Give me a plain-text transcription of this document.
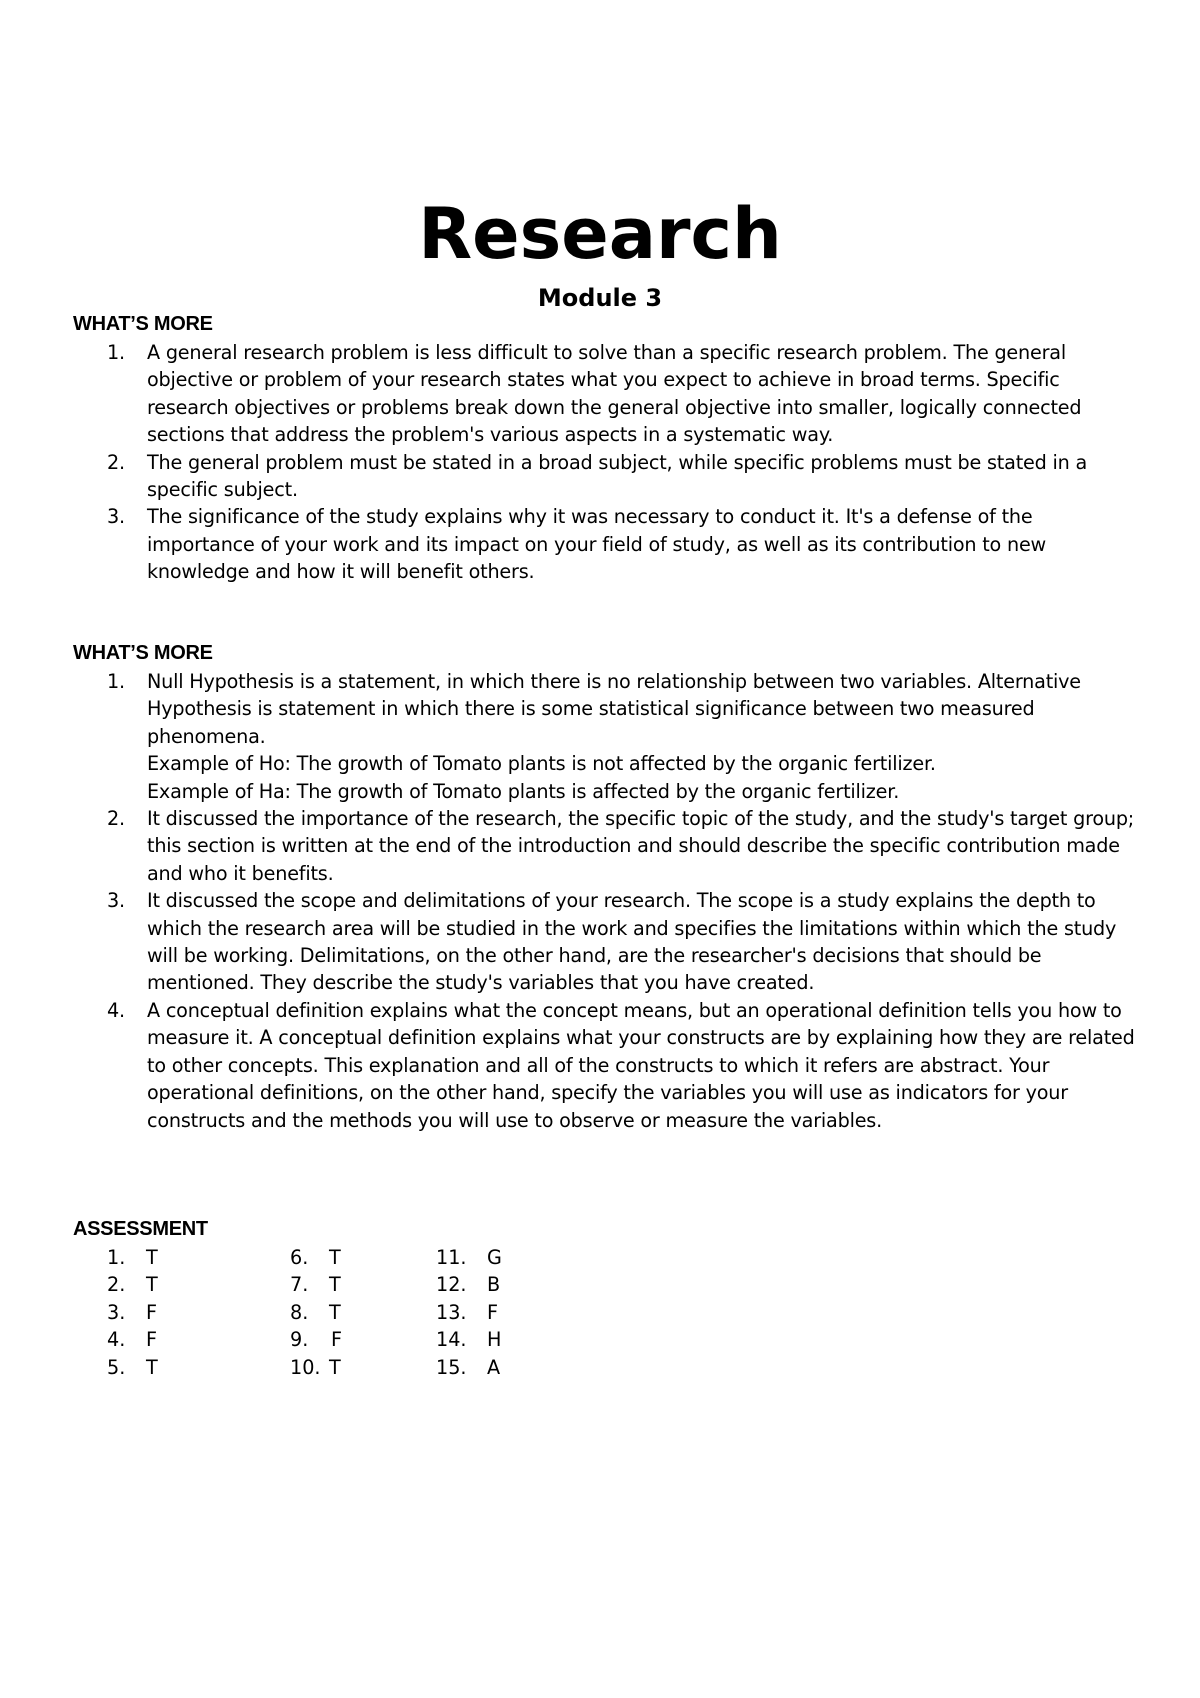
Research
Module 3
WHAT’S MORE
1. A general research problem is less difficult to solve than a specific research problem. The general objective or problem of your research states what you expect to achieve in broad terms. Specific research objectives or problems break down the general objective into smaller, logically connected sections that address the problem's various aspects in a systematic way.

2. The general problem must be stated in a broad subject, while specific problems must be stated in a specific subject.

3. The significance of the study explains why it was necessary to conduct it. It's a defense of the importance of your work and its impact on your field of study, as well as its contribution to new knowledge and how it will benefit others.

WHAT’S MORE
1. Null Hypothesis is a statement, in which there is no relationship between two variables. Alternative Hypothesis is statement in which there is some statistical significance between two measured phenomena.

Example of Ho: The growth of Tomato plants is not affected by the organic fertilizer.

Example of Ha: The growth of Tomato plants is affected by the organic fertilizer.

2. It discussed the importance of the research, the specific topic of the study, and the study's target group; this section is written at the end of the introduction and should describe the specific contribution made and who it benefits.

3. It discussed the scope and delimitations of your research. The scope is a study explains the depth to which the research area will be studied in the work and specifies the limitations within which the study will be working. Delimitations, on the other hand, are the researcher's decisions that should be mentioned. They describe the study's variables that you have created.

4. A conceptual definition explains what the concept means, but an operational definition tells you how to measure it. A conceptual definition explains what your constructs are by explaining how they are related to other concepts. This explanation and all of the constructs to which it refers are abstract. Your operational definitions, on the other hand, specify the variables you will use as indicators for your constructs and the methods you will use to observe or measure the variables.

ASSESSMENT
1. T
2. T
3. F
4. F
5. T
6. T
7. T
8. T
9. F
10. T
11. G
12. B
13. F
14. H
15. A
